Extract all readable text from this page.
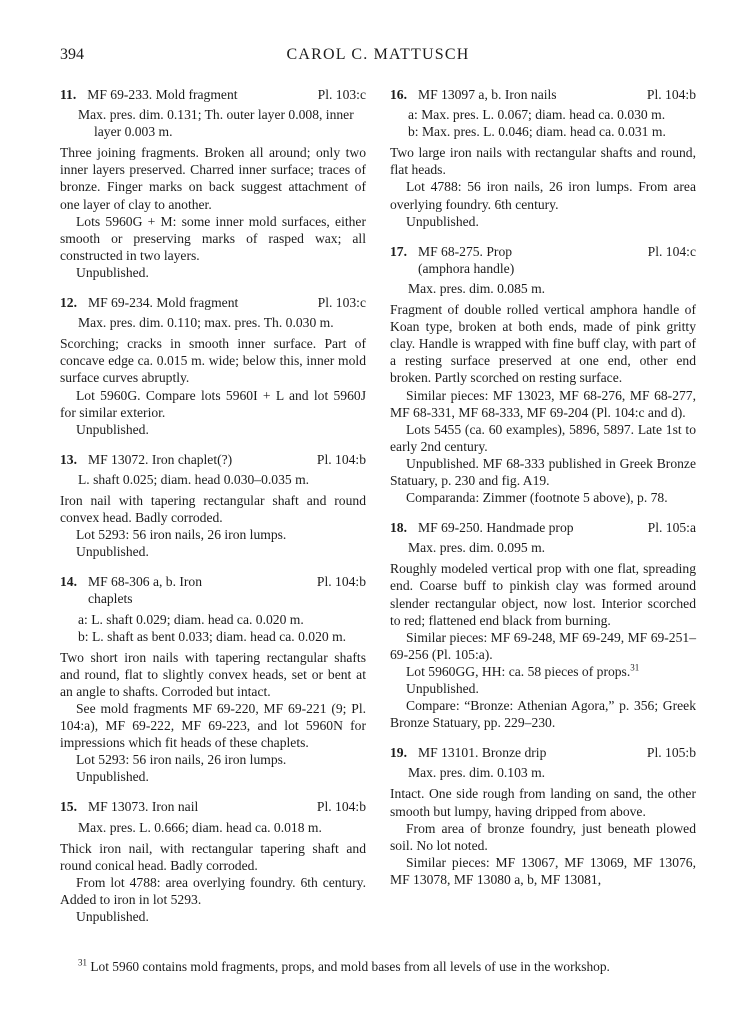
394	CAROL C. MATTUSCH
11. MF 69-233. Mold fragment	Pl. 103:c

Max. pres. dim. 0.131; Th. outer layer 0.008, inner layer 0.003 m.

Three joining fragments. Broken all around; only two inner layers preserved. Charred inner surface; traces of bronze. Finger marks on back suggest attachment of one layer of clay to another.

Lots 5960G + M: some inner mold surfaces, either smooth or preserving marks of rasped wax; all constructed in two layers.

Unpublished.

12. MF 69-234. Mold fragment	Pl. 103:c

Max. pres. dim. 0.110; max. pres. Th. 0.030 m.

Scorching; cracks in smooth inner surface. Part of concave edge ca. 0.015 m. wide; below this, inner mold surface curves abruptly.

Lot 5960G. Compare lots 5960I + L and lot 5960J for similar exterior.

Unpublished.

13. MF 13072. Iron chaplet(?)	Pl. 104:b

L. shaft 0.025; diam. head 0.030–0.035 m.

Iron nail with tapering rectangular shaft and round convex head. Badly corroded.

Lot 5293: 56 iron nails, 26 iron lumps.

Unpublished.

14. MF 68-306 a, b. Iron chaplets
Pl. 104:b

a: L. shaft 0.029; diam. head ca. 0.020 m.

b: L. shaft as bent 0.033; diam. head ca. 0.020 m.

Two short iron nails with tapering rectangular shafts and round, flat to slightly convex heads, set or bent at an angle to shafts. Corroded but intact.

See mold fragments MF 69-220, MF 69-221 (9; Pl. 104:a), MF 69-222, MF 69-223, and lot 5960N for impressions which fit heads of these chaplets.

Lot 5293: 56 iron nails, 26 iron lumps.

Unpublished.

15. MF 13073. Iron nail	Pl. 104:b

Max. pres. L. 0.666; diam. head ca. 0.018 m.

Thick iron nail, with rectangular tapering shaft and round conical head. Badly corroded.

From lot 4788: area overlying foundry. 6th century. Added to iron in lot 5293.

Unpublished.

16. MF 13097 a, b. Iron nails	Pl. 104:b

a: Max. pres. L. 0.067; diam. head ca. 0.030 m.

b: Max. pres. L. 0.046; diam. head ca. 0.031 m.

Two large iron nails with rectangular shafts and round, flat heads.

Lot 4788: 56 iron nails, 26 iron lumps. From area overlying foundry. 6th century.

Unpublished.

17. MF 68-275. Prop (amphora handle)
Pl. 104:c

Max. pres. dim. 0.085 m.

Fragment of double rolled vertical amphora handle of Koan type, broken at both ends, made of pink gritty clay. Handle is wrapped with fine buff clay, with part of a resting surface preserved at one end, other end broken. Partly scorched on resting surface.

Similar pieces: MF 13023, MF 68-276, MF 68-277, MF 68-331, MF 68-333, MF 69-204 (Pl. 104:c and d).

Lots 5455 (ca. 60 examples), 5896, 5897. Late 1st to early 2nd century.

Unpublished. MF 68-333 published in Greek Bronze Statuary, p. 230 and fig. A19.

Comparanda: Zimmer (footnote 5 above), p. 78.

18. MF 69-250. Handmade prop	Pl. 105:a

Max. pres. dim. 0.095 m.

Roughly modeled vertical prop with one flat, spreading end. Coarse buff to pinkish clay was formed around slender rectangular object, now lost. Interior scorched to red; flattened end black from burning.

Similar pieces: MF 69-248, MF 69-249, MF 69-251–69-256 (Pl. 105:a).

Lot 5960GG, HH: ca. 58 pieces of props.$^{31}$

Unpublished.

Compare: “Bronze: Athenian Agora,” p. 356; Greek Bronze Statuary, pp. 229–230.

19. MF 13101. Bronze drip	Pl. 105:b

Max. pres. dim. 0.103 m.

Intact. One side rough from landing on sand, the other smooth but lumpy, having dripped from above.

From area of bronze foundry, just beneath plowed soil. No lot noted.

Similar pieces: MF 13067, MF 13069, MF 13076, MF 13078, MF 13080 a, b, MF 13081,

$^{31}$ Lot 5960 contains mold fragments, props, and mold bases from all levels of use in the workshop.
